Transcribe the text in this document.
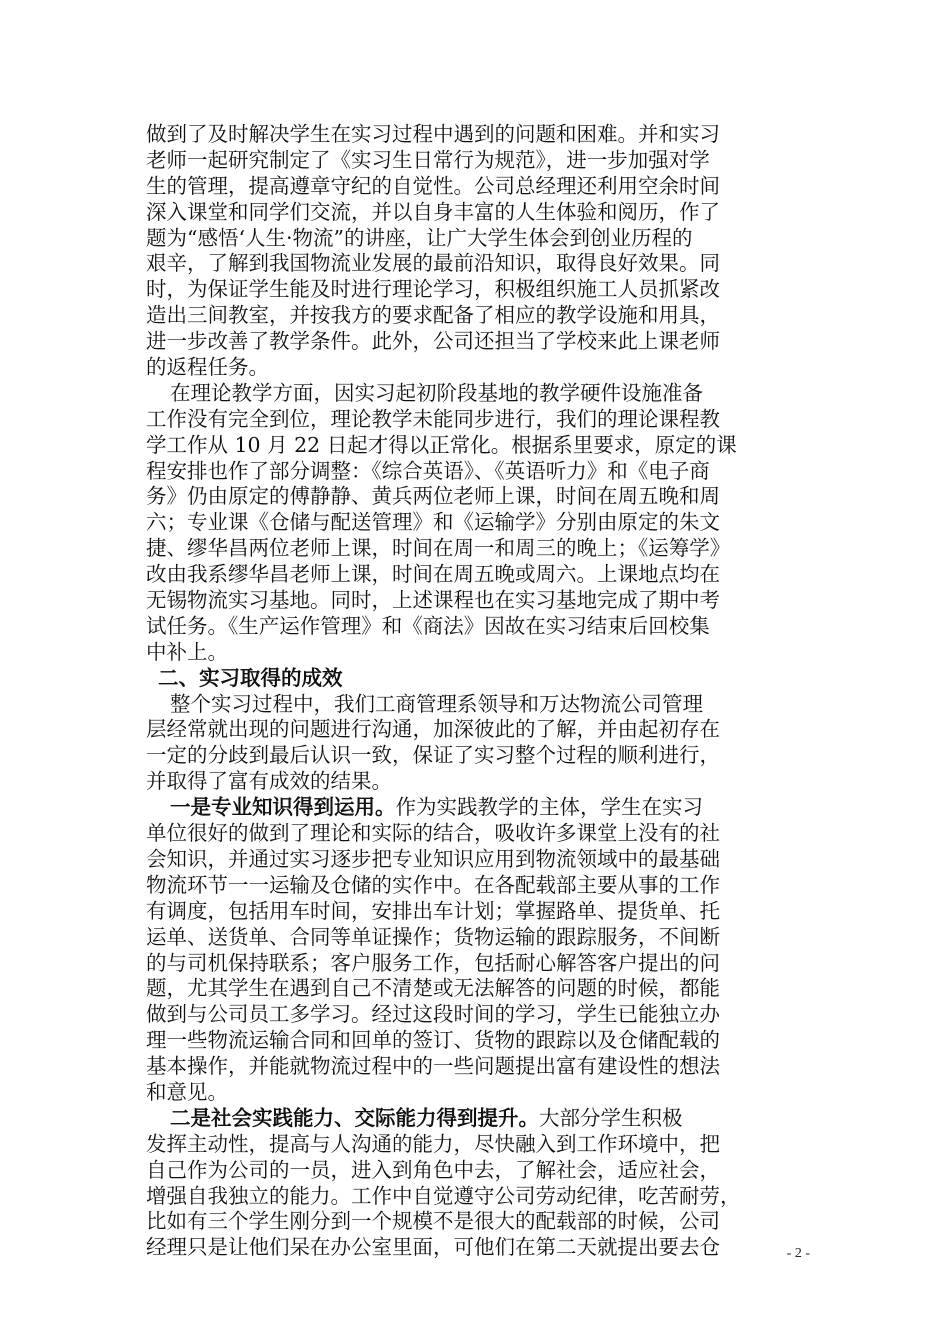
做到了及时解决学生在实习过程中遇到的问题和困难。并和实习
老师一起研究制定了《实习生日常行为规范》，进一步加强对学
生的管理，提高遵章守纪的自觉性。公司总经理还利用空余时间
深入课堂和同学们交流，并以自身丰富的人生体验和阅历，作了
题为“感悟‘人生·物流”的讲座，让广大学生体会到创业历程的
艰辛，了解到我国物流业发展的最前沿知识，取得良好效果。同
时，为保证学生能及时进行理论学习，积极组织施工人员抓紧改
造出三间教室，并按我方的要求配备了相应的教学设施和用具，
进一步改善了教学条件。此外，公司还担当了学校来此上课老师
的返程任务。
在理论教学方面，因实习起初阶段基地的教学硬件设施准备
工作没有完全到位，理论教学未能同步进行，我们的理论课程教
学工作从 10 月 22 日起才得以正常化。根据系里要求，原定的课
程安排也作了部分调整：《综合英语》、《英语听力》和《电子商
务》仍由原定的傅静静、黄兵两位老师上课，时间在周五晚和周
六；专业课《仓储与配送管理》和《运输学》分别由原定的朱文
捷、缪华昌两位老师上课，时间在周一和周三的晚上；《运筹学》
改由我系缪华昌老师上课，时间在周五晚或周六。上课地点均在
无锡物流实习基地。同时，上述课程也在实习基地完成了期中考
试任务。《生产运作管理》和《商法》因故在实习结束后回校集
中补上。
二、实习取得的成效
整个实习过程中，我们工商管理系领导和万达物流公司管理
层经常就出现的问题进行沟通，加深彼此的了解，并由起初存在
一定的分歧到最后认识一致，保证了实习整个过程的顺利进行，
并取得了富有成效的结果。
一是专业知识得到运用。作为实践教学的主体，学生在实习
单位很好的做到了理论和实际的结合，吸收许多课堂上没有的社
会知识，并通过实习逐步把专业知识应用到物流领域中的最基础
物流环节一一运输及仓储的实作中。在各配载部主要从事的工作
有调度，包括用车时间，安排出车计划；掌握路单、提货单、托
运单、送货单、合同等单证操作；货物运输的跟踪服务，不间断
的与司机保持联系；客户服务工作，包括耐心解答客户提出的问
题，尤其学生在遇到自己不清楚或无法解答的问题的时候，都能
做到与公司员工多学习。经过这段时间的学习，学生已能独立办
理一些物流运输合同和回单的签订、货物的跟踪以及仓储配载的
基本操作，并能就物流过程中的一些问题提出富有建设性的想法
和意见。
二是社会实践能力、交际能力得到提升。大部分学生积极
发挥主动性，提高与人沟通的能力，尽快融入到工作环境中，把
自己作为公司的一员，进入到角色中去，了解社会，适应社会，
增强自我独立的能力。工作中自觉遵守公司劳动纪律，吃苦耐劳，
比如有三个学生刚分到一个规模不是很大的配载部的时候，公司
经理只是让他们呆在办公室里面，可他们在第二天就提出要去仓	- 2 -
